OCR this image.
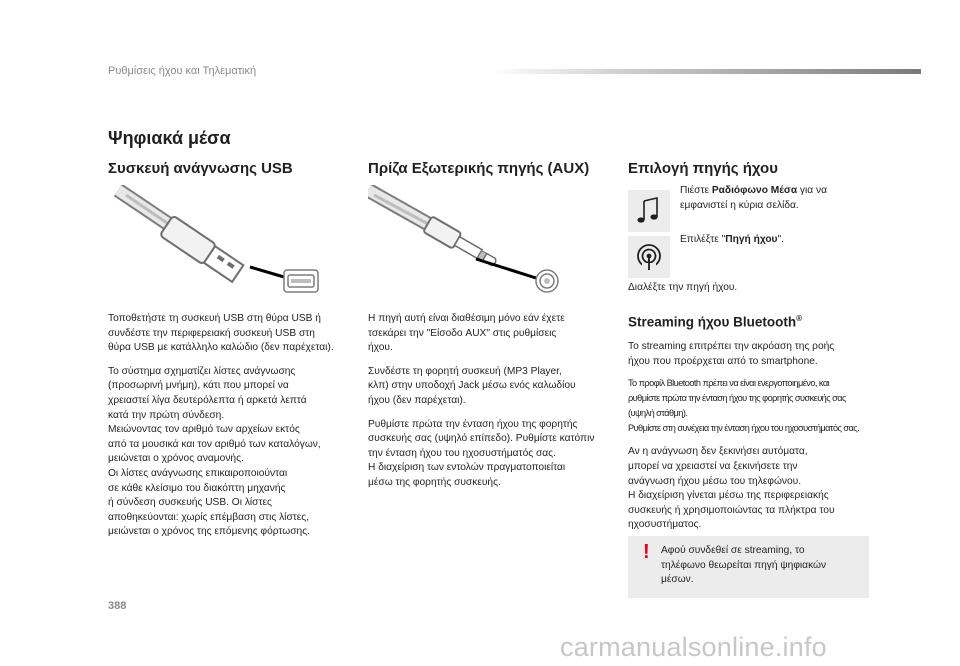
Ρυθμίσεις ήχου και Τηλεματική
Ψηφιακά μέσα
Συσκευή ανάγνωσης USB

Τοποθετήστε τη συσκευή USB στη θύρα USB ή
συνδέστε την περιφερειακή συσκευή USB στη
θύρα USB με κατάλληλο καλώδιο (δεν παρέχεται).

Το σύστημα σχηματίζει λίστες ανάγνωσης
(προσωρινή μνήμη), κάτι που μπορεί να
χρειαστεί λίγα δευτερόλεπτα ή αρκετά λεπτά
κατά την πρώτη σύνδεση.
Μειώνοντας τον αριθμό των αρχείων εκτός
από τα μουσικά και τον αριθμό των καταλόγων,
μειώνεται ο χρόνος αναμονής.
Οι λίστες ανάγνωσης επικαιροποιούνται
σε κάθε κλείσιμο του διακόπτη μηχανής
ή σύνδεση συσκευής USB. Οι λίστες
αποθηκεύονται: χωρίς επέμβαση στις λίστες,
μειώνεται ο χρόνος της επόμενης φόρτωσης.

Πρίζα Εξωτερικής πηγής (AUX)

Η πηγή αυτή είναι διαθέσιμη μόνο εάν έχετε
τσεκάρει την "Είσοδο AUX" στις ρυθμίσεις
ήχου.

Συνδέστε τη φορητή συσκευή (MP3 Player,
κλπ) στην υποδοχή Jack μέσω ενός καλωδίου
ήχου (δεν παρέχεται).

Ρυθμίστε πρώτα την ένταση ήχου της φορητής
συσκευής σας (υψηλό επίπεδο). Ρυθμίστε κατόπιν
την ένταση ήχου του ηχοσυστήματός σας.
Η διαχείριση των εντολών πραγματοποιείται
μέσω της φορητής συσκευής.

Επιλογή πηγής ήχου

Πιέστε Ραδιόφωνο Μέσα για να
εμφανιστεί η κύρια σελίδα.

Επιλέξτε "Πηγή ήχου".

Διαλέξτε την πηγή ήχου.

Streaming ήχου Bluetooth®

Το streaming επιτρέπει την ακρόαση της ροής
ήχου που προέρχεται από το smartphone.

Το προφίλ Bluetooth πρέπει να είναι ενεργοποιημένο, και
ρυθμίστε πρώτα την ένταση ήχου της φορητής συσκευής σας
(υψηλή στάθμη).
Ρυθμίστε στη συνέχεια την ένταση ήχου του ηχοσυστήματός σας.

Αν η ανάγνωση δεν ξεκινήσει αυτόματα,
μπορεί να χρειαστεί να ξεκινήσετε την
ανάγνωση ήχου μέσω του τηλεφώνου.
Η διαχείριση γίνεται μέσω της περιφερειακής
συσκευής ή χρησιμοποιώντας τα πλήκτρα του
ηχοσυστήματος.

! Αφού συνδεθεί σε streaming, το
τηλέφωνο θεωρείται πηγή ψηφιακών
μέσων.

388
carmanualsonline.info
